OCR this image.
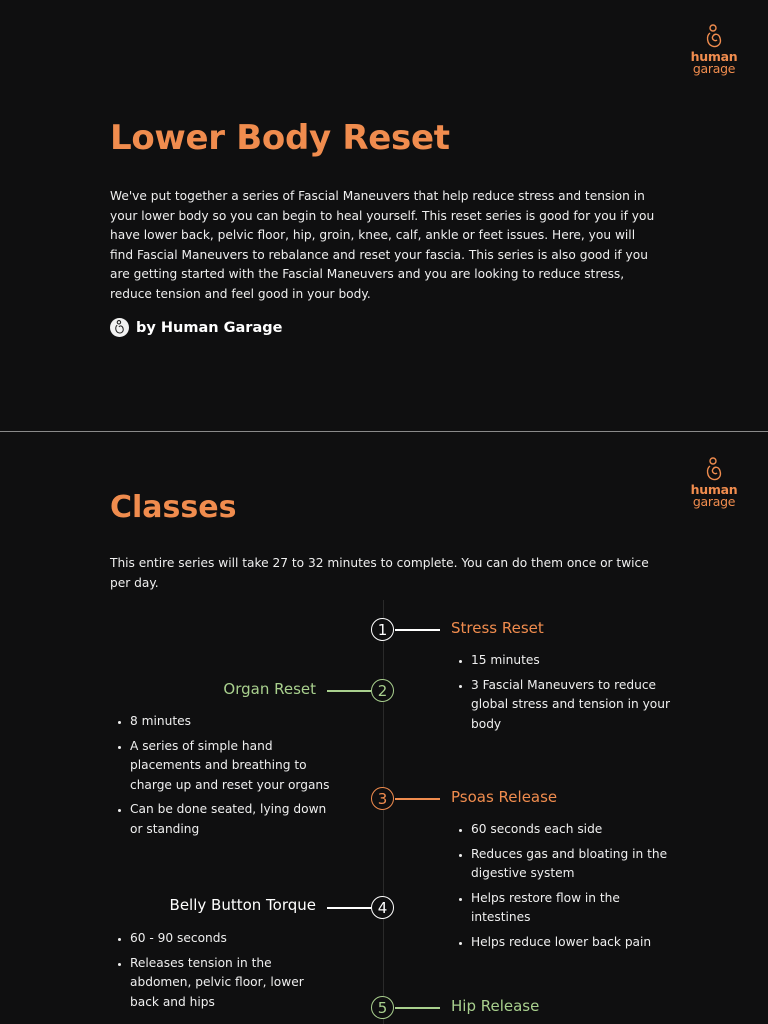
human
garage
Lower Body Reset

We've put together a series of Fascial Maneuvers that help reduce stress and tension in your lower body so you can begin to heal yourself. This reset series is good for you if you have lower back, pelvic floor, hip, groin, knee, calf, ankle or feet issues. Here, you will find Fascial Maneuvers to rebalance and reset your fascia. This series is also good if you are getting started with the Fascial Maneuvers and you are looking to reduce stress, reduce tension and feel good in your body.

by Human Garage
human
garage
Classes

This entire series will take 27 to 32 minutes to complete. You can do them once or twice per day.

1	Stress Reset
• 15 minutes
• 3 Fascial Maneuvers to reduce global stress and tension in your body
2
Organ Reset
• 8 minutes
• A series of simple hand placements and breathing to charge up and reset your organs
• Can be done seated, lying down or standing
3	Psoas Release
• 60 seconds each side
• Reduces gas and bloating in the digestive system
• Helps restore flow in the intestines
• Helps reduce lower back pain
4
Belly Button Torque
• 60 - 90 seconds
• Releases tension in the abdomen, pelvic floor, lower back and hips	5	Hip Release
